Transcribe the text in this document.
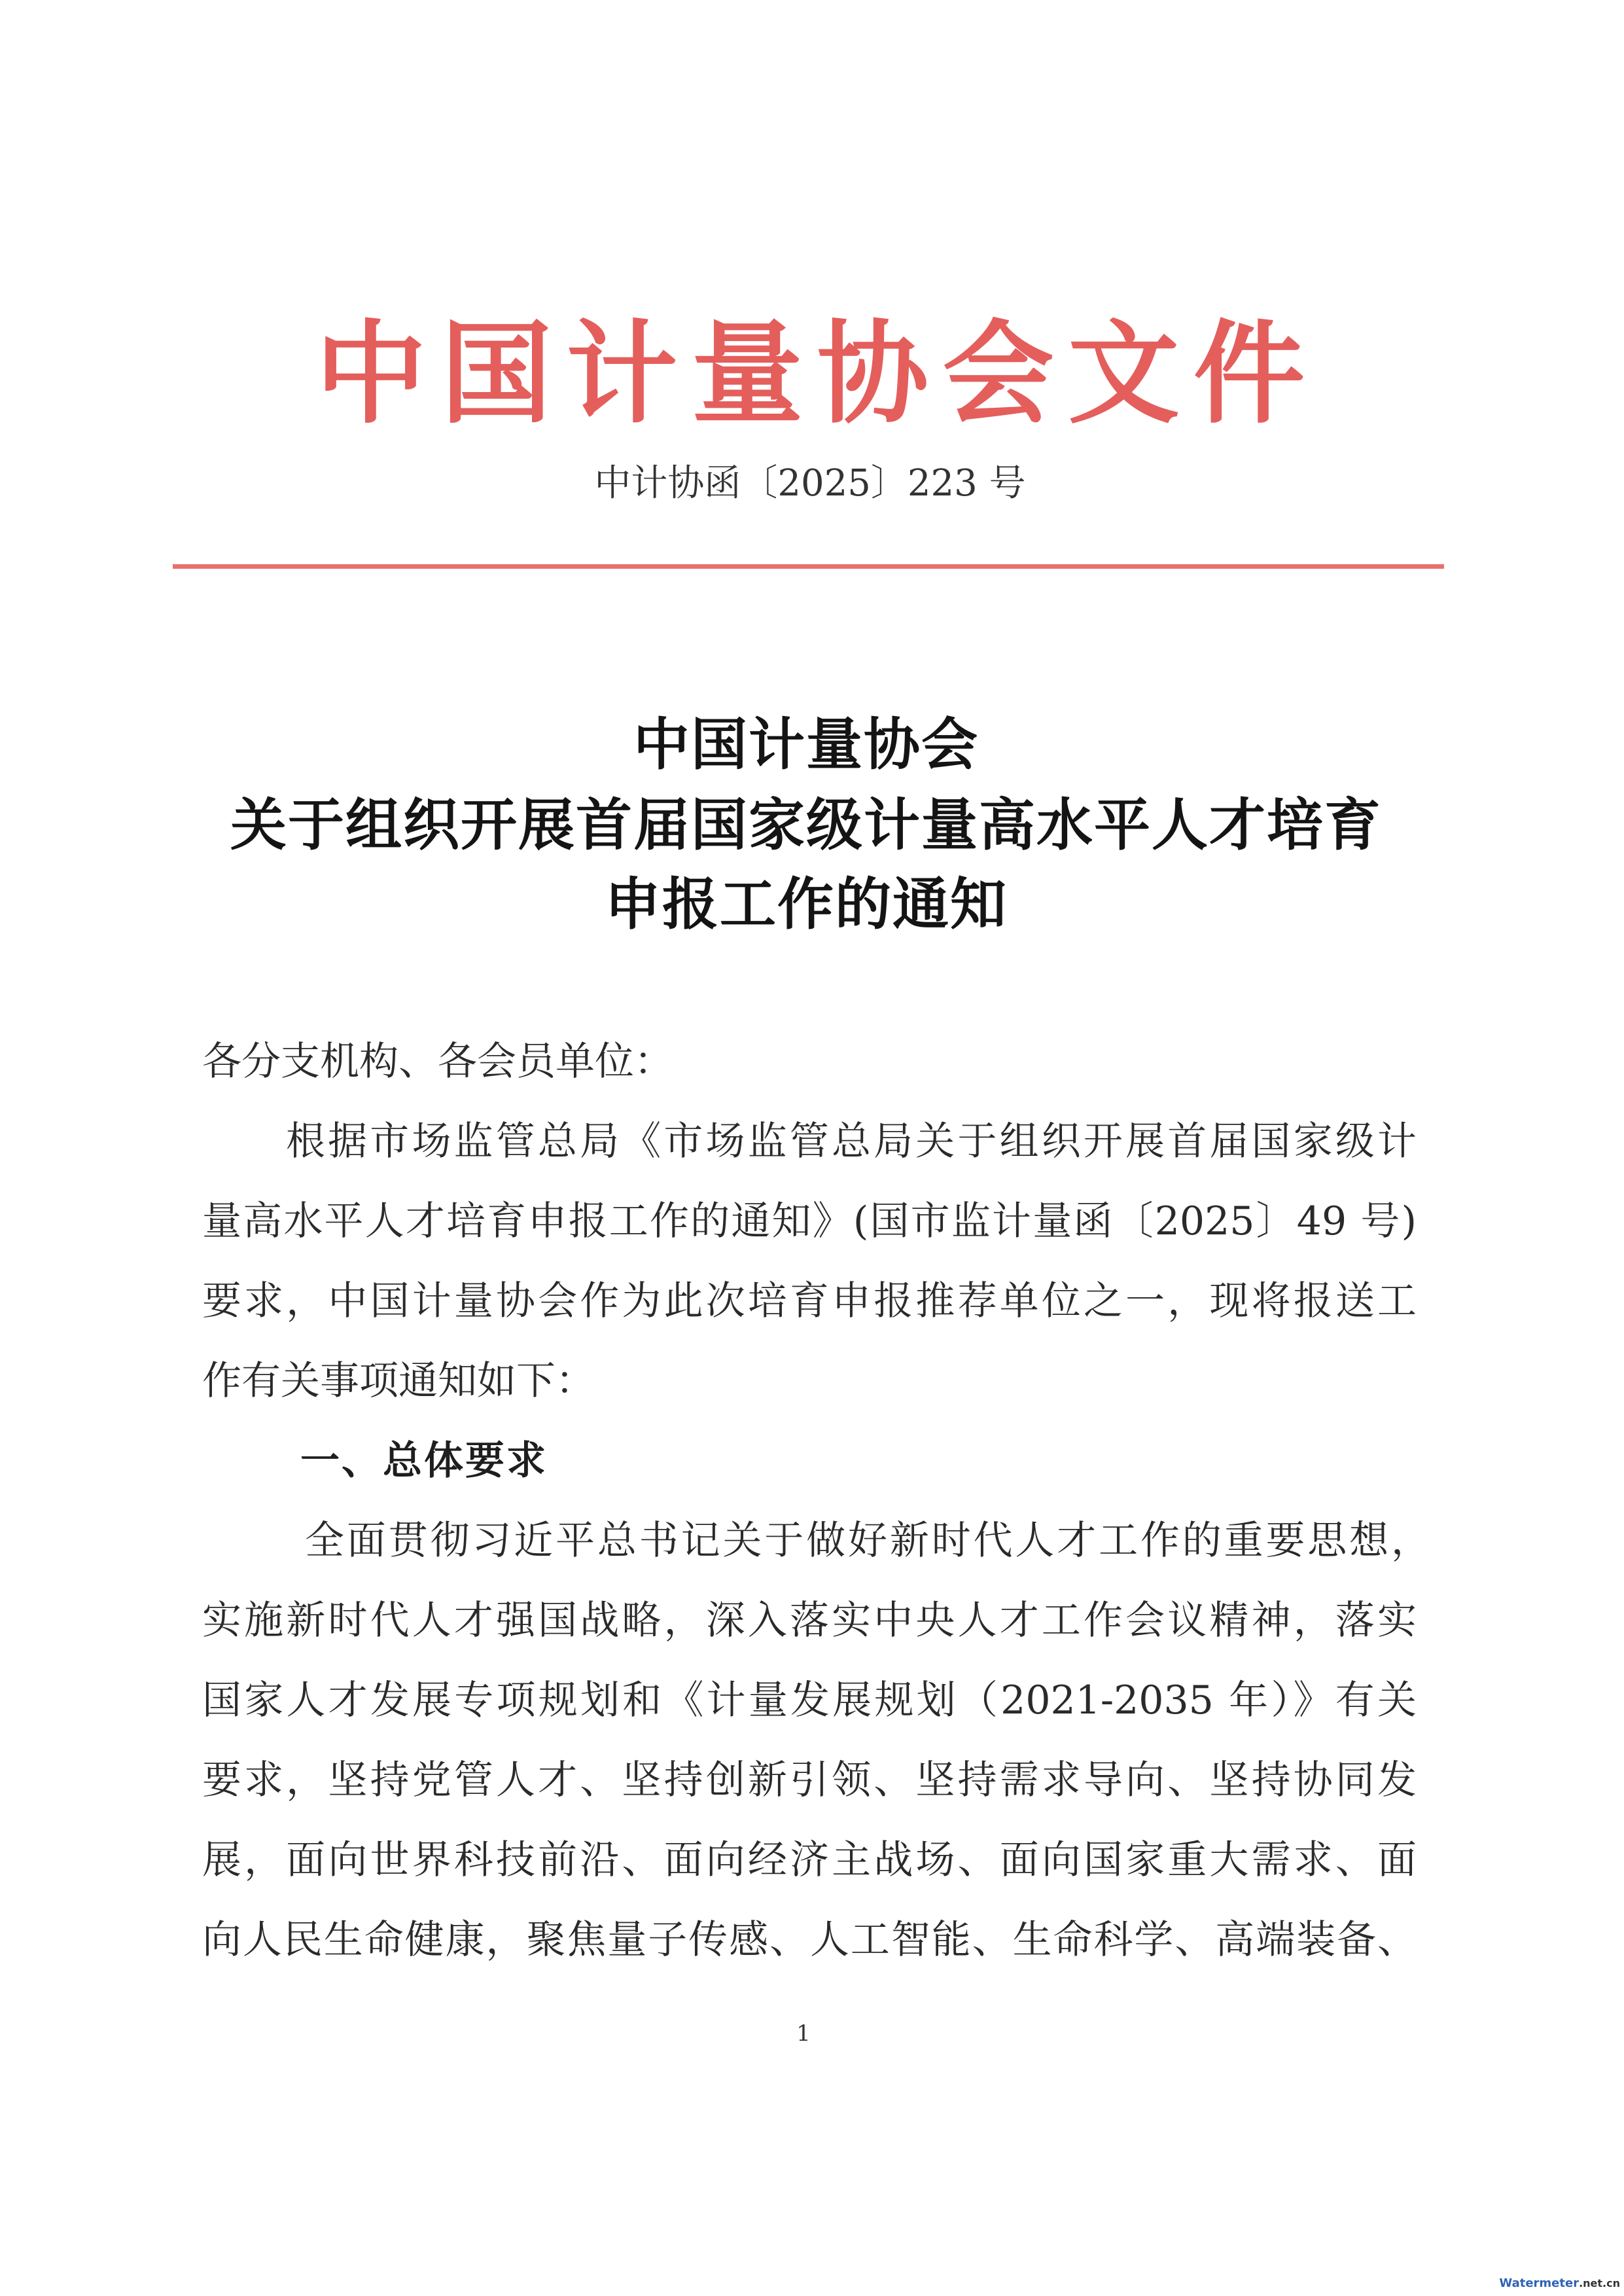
中国计量协会文件
中计协函〔2025〕223 号
中国计量协会
关于组织开展首届国家级计量高水平人才培育
申报工作的通知
各分支机构、各会员单位：
根据市场监管总局《市场监管总局关于组织开展首届国家级计
量高水平人才培育申报工作的通知》(国市监计量函〔2025〕49 号)
要求，中国计量协会作为此次培育申报推荐单位之一，现将报送工
作有关事项通知如下：
一、总体要求
全面贯彻习近平总书记关于做好新时代人才工作的重要思想，
实施新时代人才强国战略，深入落实中央人才工作会议精神，落实
国家人才发展专项规划和《计量发展规划（2021-2035 年）》有关
要求，坚持党管人才、坚持创新引领、坚持需求导向、坚持协同发
展，面向世界科技前沿、面向经济主战场、面向国家重大需求、面
向人民生命健康，聚焦量子传感、人工智能、生命科学、高端装备、
1
Watermeter.net.cn
